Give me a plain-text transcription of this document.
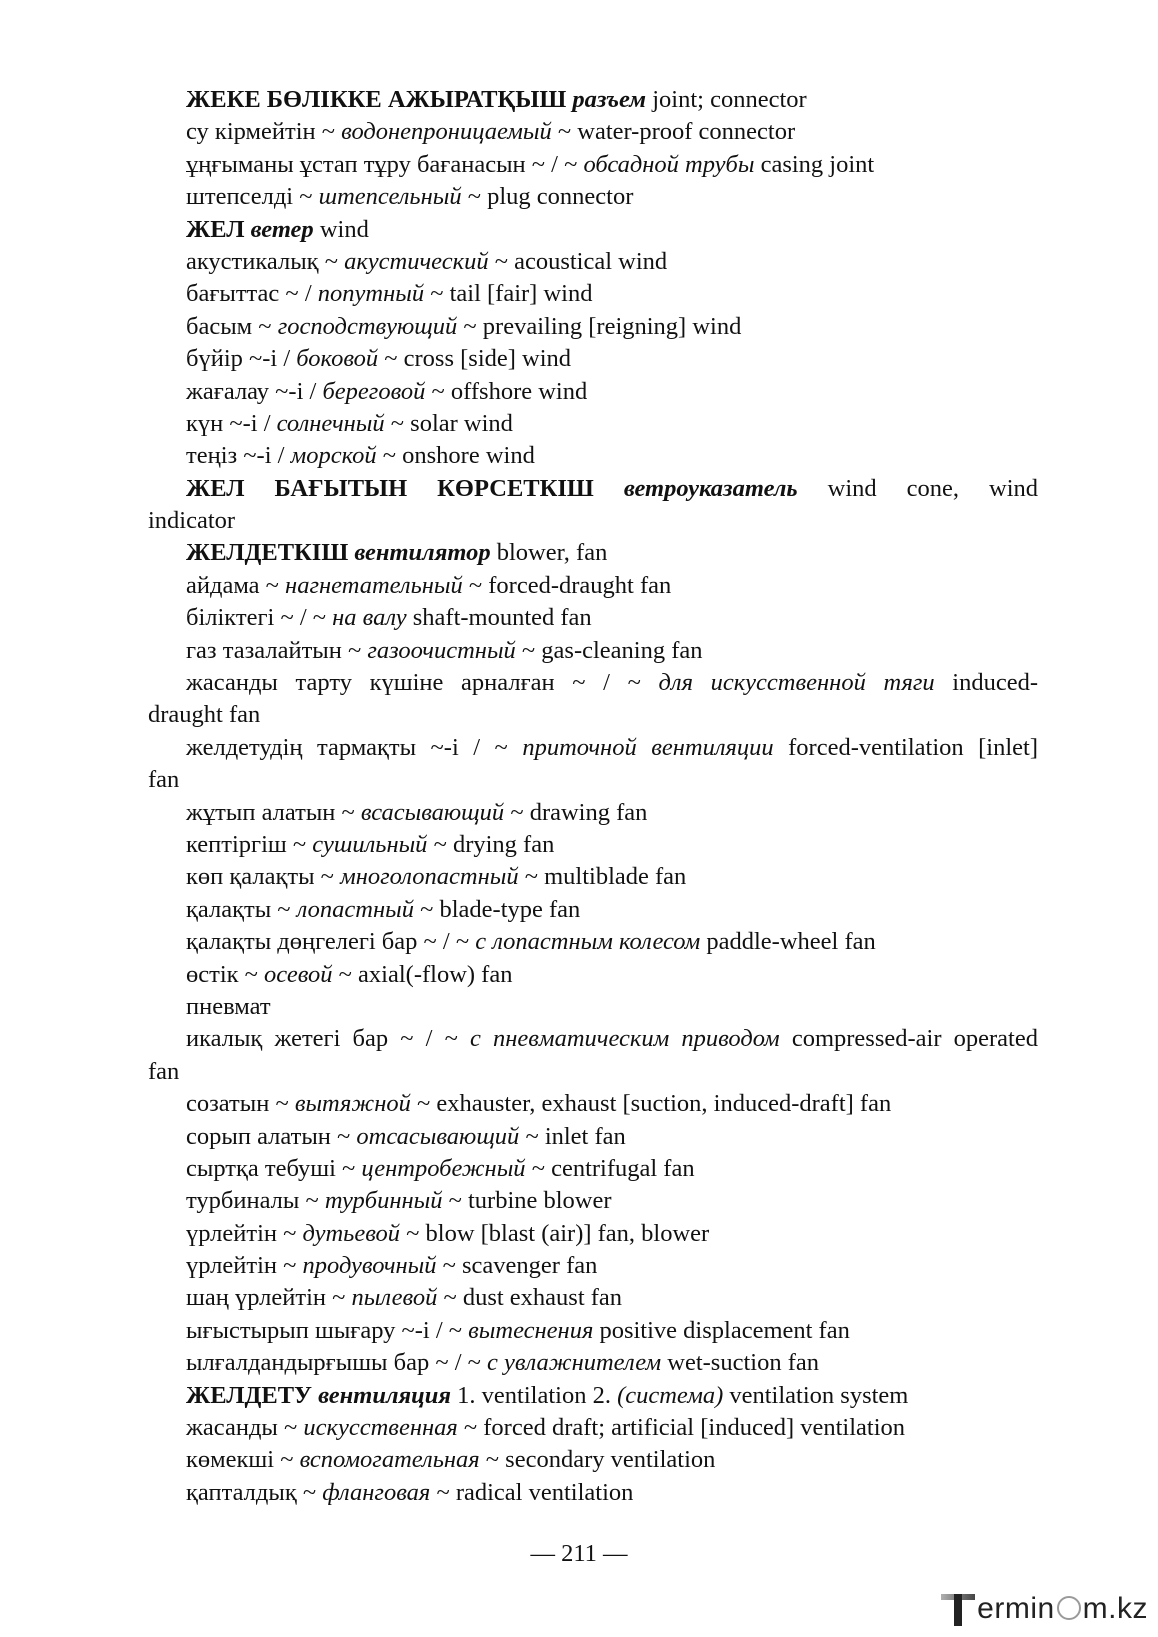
ЖЕКЕ БӨЛІККЕ АЖЫРАТҚЫШ разъем joint; connector
су кірмейтін ~ водонепроницаемый ~ water-proof connector
ұңғыманы ұстап тұру бағанасын ~ / ~ обсадной трубы casing joint
штепселді ~ штепсельный ~ plug connector
ЖЕЛ ветер wind
акустикалық ~ акустический ~ acoustical wind
бағыттас ~ / попутный ~ tail [fair] wind
басым ~ господствующий ~ prevailing [reigning] wind
бүйір ~-і / боковой ~ cross [side] wind
жағалау ~-і / береговой ~ offshore wind
күн ~-і / солнечный ~ solar wind
теңіз ~-і / морской ~ onshore wind
ЖЕЛ БАҒЫТЫН КӨРСЕТКІШ ветроуказатель wind cone, wind
indicator
ЖЕЛДЕТКІШ вентилятор blower, fan
айдама ~ нагнетательный ~ forced-draught fan
біліктегі ~ / ~ на валу shaft-mounted fan
газ тазалайтын ~ газоочистный ~ gas-cleaning fan
жасанды тарту күшіне арналған ~ / ~ для искусственной тяги induced-
draught fan
желдетудің тармақты ~-і / ~ приточной вентиляции forced-ventilation [inlet]
fan
жұтып алатын ~ всасывающий ~ drawing fan
кептіргіш ~ сушильный ~ drying fan
көп қалақты ~ многолопастный ~ multiblade fan
қалақты ~ лопастный ~ blade-type fan
қалақты дөңгелегі бар ~ / ~ с лопастным колесом paddle-wheel fan
өстік ~ осевой ~ axial(-flow) fan
пневмат
икалық жетегі бар ~ / ~ с пневматическим приводом compressed-air operated
fan
созатын ~ вытяжной ~ exhauster, exhaust [suction, induced-draft] fan
сорып алатын ~ отсасывающий ~ inlet fan
сыртқа тебуші ~ центробежный ~ centrifugal fan
турбиналы ~ турбинный ~ turbine blower
үрлейтін ~ дутьевой ~ blow [blast (air)] fan, blower
үрлейтін ~ продувочный ~ scavenger fan
шаң үрлейтін ~ пылевой ~ dust exhaust fan
ығыстырып шығару ~-і / ~ вытеснения positive displacement fan
ылғалдандырғышы бар ~ / ~ с увлажнителем wet-suction fan
ЖЕЛДЕТУ вентиляция 1. ventilation 2. (система) ventilation system
жасанды ~ искусственная ~ forced draft; artificial [induced] ventilation
көмекші ~ вспомогательная ~ secondary ventilation
қапталдық ~ фланговая ~ radical ventilation
— 211 —
ermin m.kz
